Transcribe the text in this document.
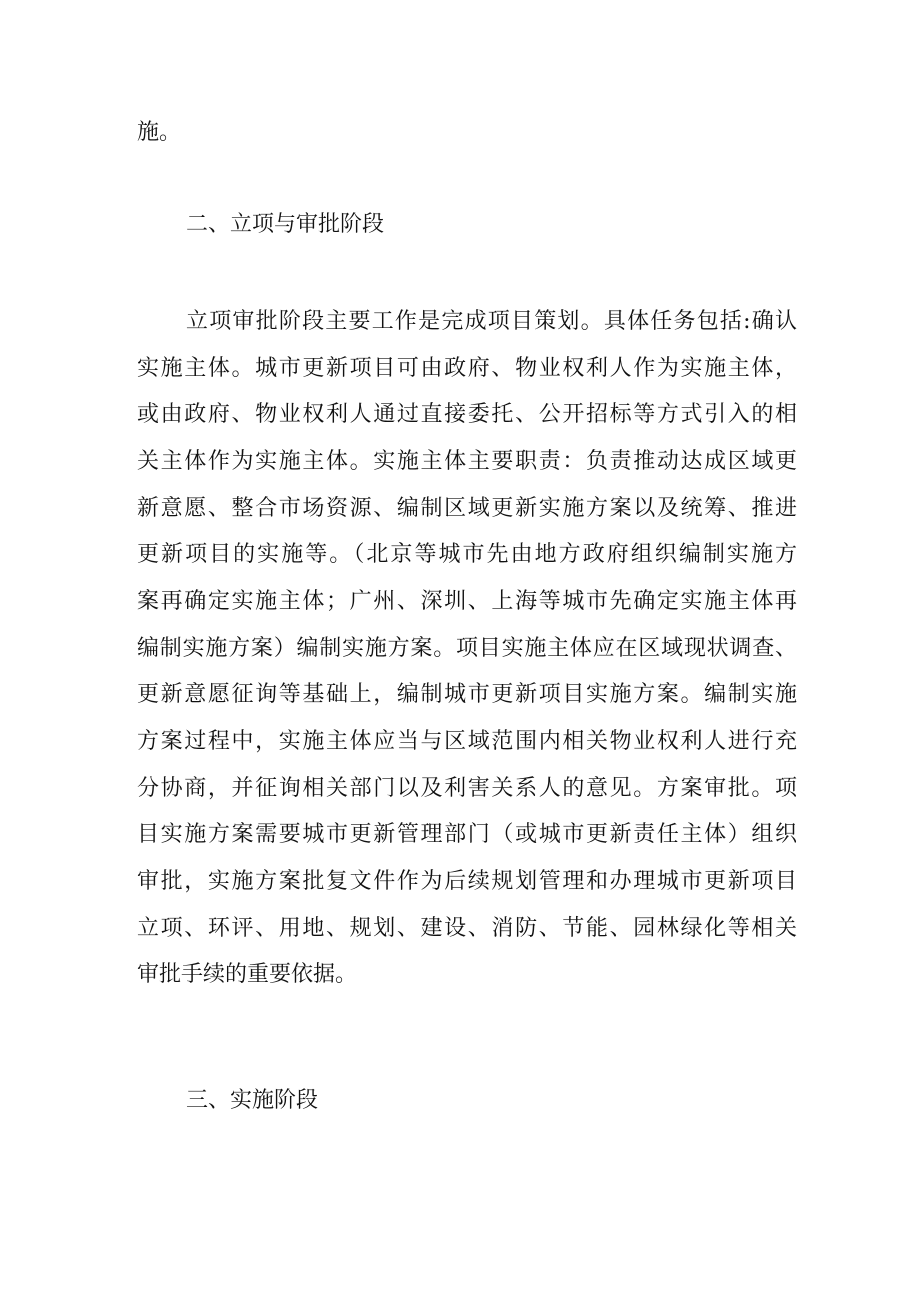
施。
二、立项与审批阶段
立项审批阶段主要工作是完成项目策划。具体任务包括:确认
实施主体。城市更新项目可由政府、物业权利人作为实施主体，
或由政府、物业权利人通过直接委托、公开招标等方式引入的相
关主体作为实施主体。实施主体主要职责：负责推动达成区域更
新意愿、整合市场资源、编制区域更新实施方案以及统筹、推进
更新项目的实施等。（北京等城市先由地方政府组织编制实施方
案再确定实施主体；广州、深圳、上海等城市先确定实施主体再
编制实施方案）编制实施方案。项目实施主体应在区域现状调查、
更新意愿征询等基础上，编制城市更新项目实施方案。编制实施
方案过程中，实施主体应当与区域范围内相关物业权利人进行充
分协商，并征询相关部门以及利害关系人的意见。方案审批。项
目实施方案需要城市更新管理部门（或城市更新责任主体）组织
审批，实施方案批复文件作为后续规划管理和办理城市更新项目
立项、环评、用地、规划、建设、消防、节能、园林绿化等相关
审批手续的重要依据。
三、实施阶段
